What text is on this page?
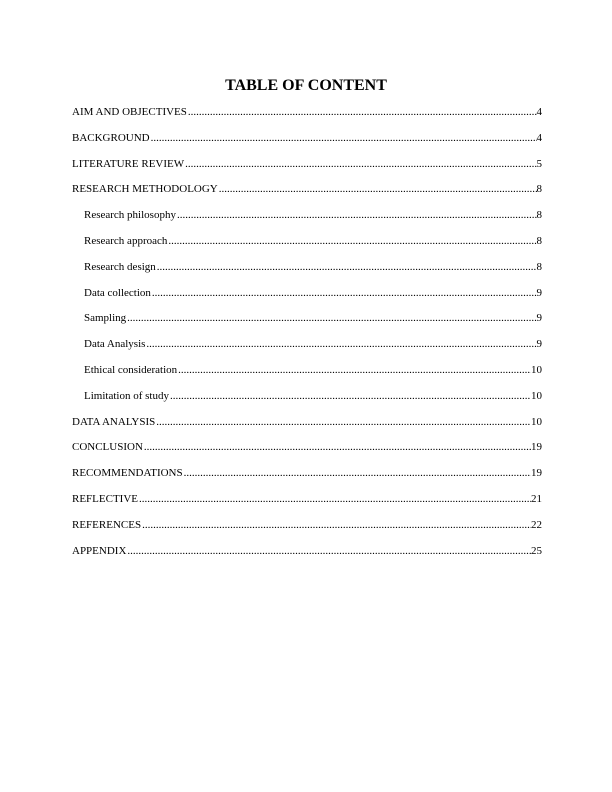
TABLE OF CONTENT
AIM AND OBJECTIVES .....	4
BACKGROUND .....	4
LITERATURE REVIEW .....	5
RESEARCH METHODOLOGY .....	8
Research philosophy .....	8
Research approach .....	8
Research design .....	8
Data collection .....	9
Sampling .....	9
Data Analysis .....	9
Ethical consideration .....	10
Limitation of study .....	10
DATA ANALYSIS .....	10
CONCLUSION .....	19
RECOMMENDATIONS .....	19
REFLECTIVE .....	21
REFERENCES .....	22
APPENDIX .....	25
